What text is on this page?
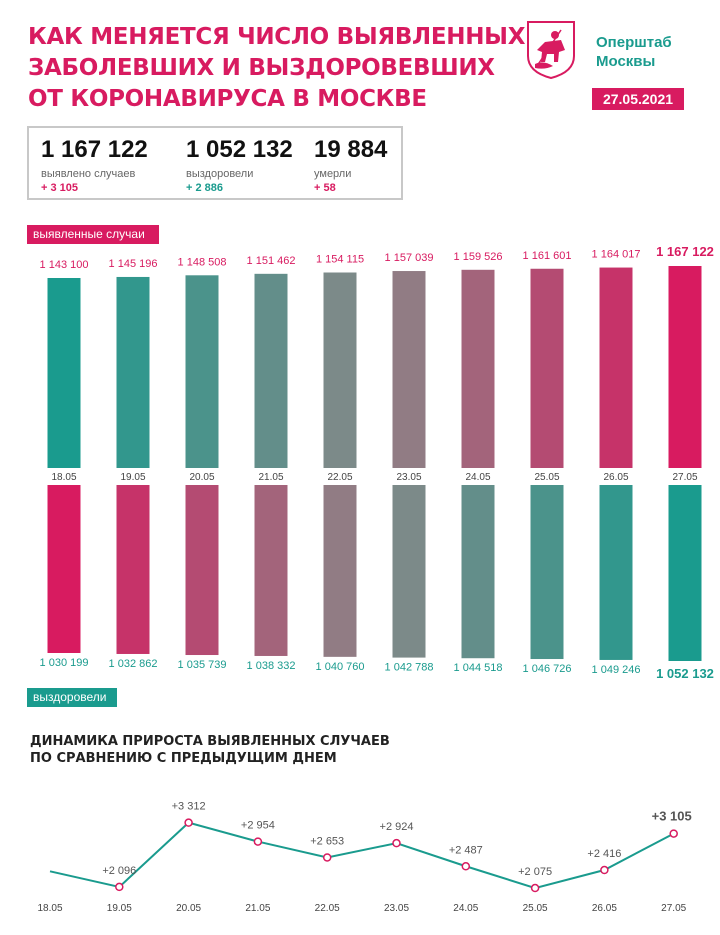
КАК МЕНЯЕТСЯ ЧИСЛО ВЫЯВЛЕННЫХ
ЗАБОЛЕВШИХ И ВЫЗДОРОВЕВШИХ
ОТ КОРОНАВИРУСА В МОСКВЕ
Оперштаб
Москвы
27.05.2021
1 167 122
выявлено случаев
+ 3 105
1 052 132
выздоровели
+ 2 886
19 884
умерли
+ 58
выявленные случаи
выздоровели
1 143 100
18.05
1 145 196
19.05
1 148 508
20.05
1 151 462
21.05
1 154 115
22.05
1 157 039
23.05
1 159 526
24.05
1 161 601
25.05
1 164 017
26.05
1 167 122
27.05
1 030 199 1 032 862 1 035 739 1 038 332 1 040 760 1 042 788 1 044 518 1 046 726 1 049 246 1 052 132
ДИНАМИКА ПРИРОСТА ВЫЯВЛЕННЫХ СЛУЧАЕВ
ПО СРАВНЕНИЮ С ПРЕДЫДУЩИМ ДНЕМ
18.05
+2 096
19.05
+3 312
20.05
+2 954
21.05
+2 653
22.05
+2 924
23.05
+2 487
24.05
+2 075
25.05
+2 416
26.05
+3 105
27.05
